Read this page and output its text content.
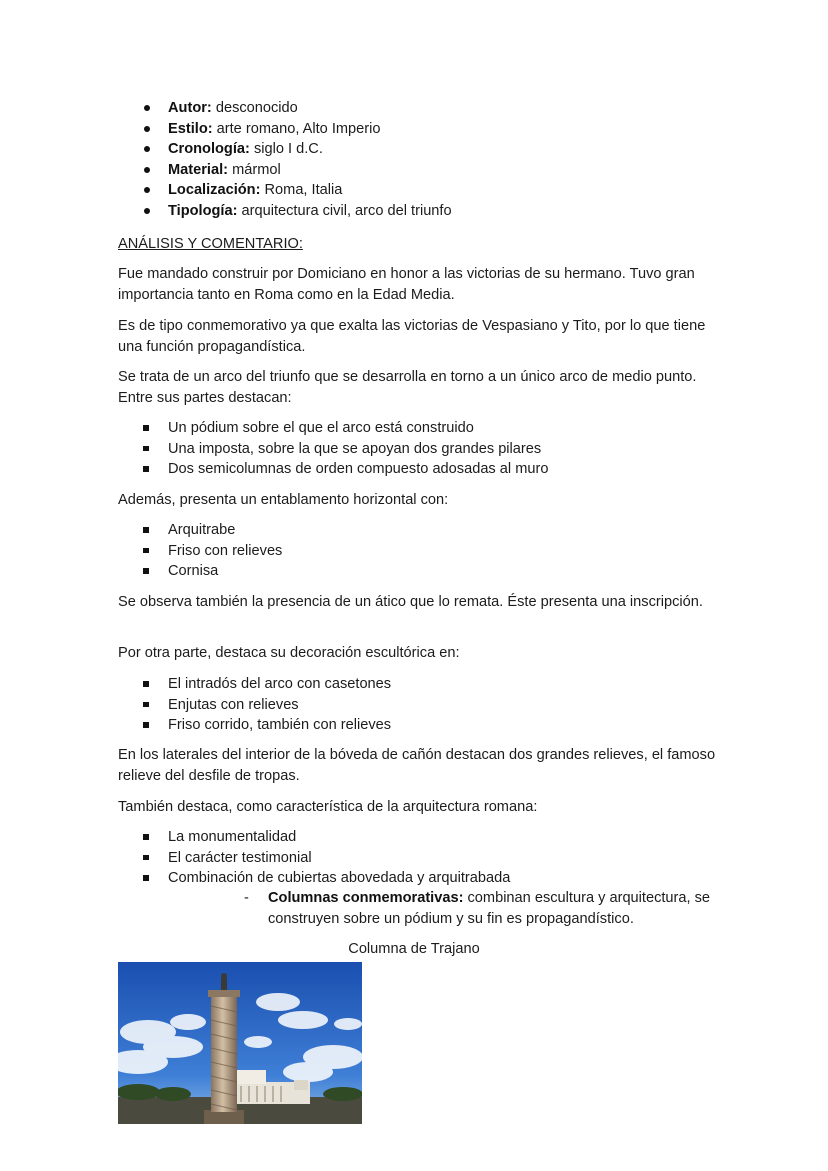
Autor: desconocido
Estilo: arte romano, Alto Imperio
Cronología: siglo I d.C.
Material: mármol
Localización: Roma, Italia
Tipología: arquitectura civil, arco del triunfo

ANÁLISIS Y COMENTARIO:

Fue mandado construir por Domiciano en honor a las victorias de su hermano. Tuvo gran importancia tanto en Roma como en la Edad Media.

Es de tipo conmemorativo ya que exalta las victorias de Vespasiano y Tito, por lo que tiene una función propagandística.

Se trata de un arco del triunfo que se desarrolla en torno a un único arco de medio punto. Entre sus partes destacan:

Un pódium sobre el que el arco está construido
Una imposta, sobre la que se apoyan dos grandes pilares
Dos semicolumnas de orden compuesto adosadas al muro

Además, presenta un entablamento horizontal con:

Arquitrabe
Friso con relieves
Cornisa

Se observa también la presencia de un ático que lo remata. Éste presenta una inscripción.

Por otra parte, destaca su decoración escultórica en:

El intradós del arco con casetones
Enjutas con relieves
Friso corrido, también con relieves

En los laterales del interior de la bóveda de cañón destacan dos grandes relieves, el famoso relieve del desfile de tropas.

También destaca, como característica de la arquitectura romana:

La monumentalidad
El carácter testimonial
Combinación de cubiertas abovedada y arquitrabada
- Columnas conmemorativas: combinan escultura y arquitectura, se construyen sobre un pódium y su fin es propagandístico.

Columna de Trajano
